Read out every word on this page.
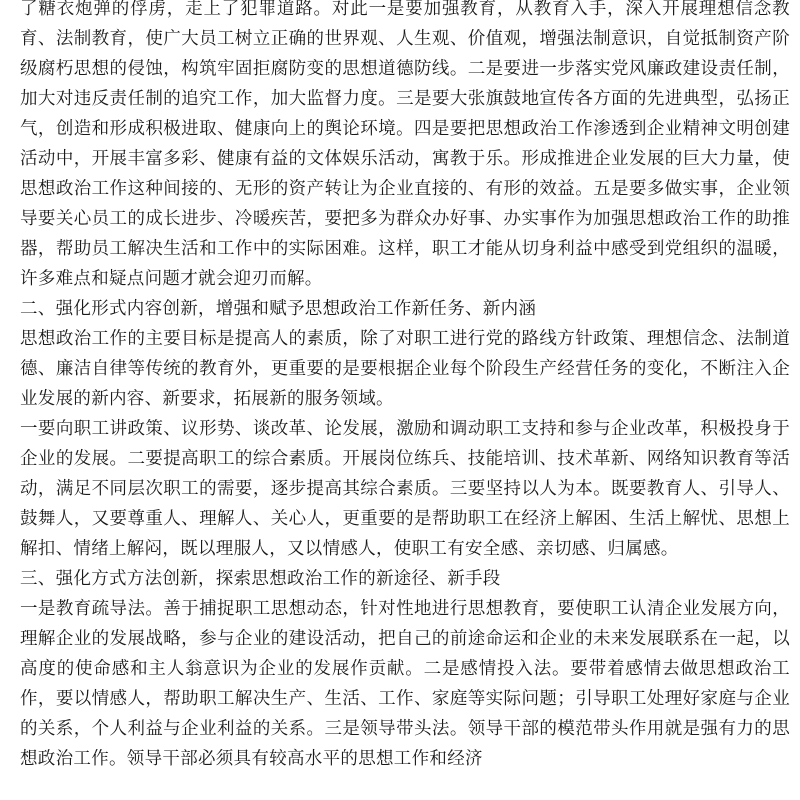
了糖衣炮弹的俘虏，走上了犯罪道路。对此一是要加强教育，从教育入手，深入开展理想信念教育、法制教育，使广大员工树立正确的世界观、人生观、价值观，增强法制意识，自觉抵制资产阶级腐朽思想的侵蚀，构筑牢固拒腐防变的思想道德防线。二是要进一步落实党风廉政建设责任制，加大对违反责任制的追究工作，加大监督力度。三是要大张旗鼓地宣传各方面的先进典型，弘扬正气，创造和形成积极进取、健康向上的舆论环境。四是要把思想政治工作渗透到企业精神文明创建活动中，开展丰富多彩、健康有益的文体娱乐活动，寓教于乐。形成推进企业发展的巨大力量，使思想政治工作这种间接的、无形的资产转让为企业直接的、有形的效益。五是要多做实事，企业领导要关心员工的成长进步、冷暖疾苦，要把多为群众办好事、办实事作为加强思想政治工作的助推器，帮助员工解决生活和工作中的实际困难。这样，职工才能从切身利益中感受到党组织的温暖，许多难点和疑点问题才就会迎刃而解。

二、强化形式内容创新，增强和赋予思想政治工作新任务、新内涵

思想政治工作的主要目标是提高人的素质，除了对职工进行党的路线方针政策、理想信念、法制道德、廉洁自律等传统的教育外，更重要的是要根据企业每个阶段生产经营任务的变化，不断注入企业发展的新内容、新要求，拓展新的服务领域。

一要向职工讲政策、议形势、谈改革、论发展，激励和调动职工支持和参与企业改革，积极投身于企业的发展。二要提高职工的综合素质。开展岗位练兵、技能培训、技术革新、网络知识教育等活动，满足不同层次职工的需要，逐步提高其综合素质。三要坚持以人为本。既要教育人、引导人、鼓舞人，又要尊重人、理解人、关心人，更重要的是帮助职工在经济上解困、生活上解忧、思想上解扣、情绪上解闷，既以理服人，又以情感人，使职工有安全感、亲切感、归属感。

三、强化方式方法创新，探索思想政治工作的新途径、新手段

一是教育疏导法。善于捕捉职工思想动态，针对性地进行思想教育，要使职工认清企业发展方向，理解企业的发展战略，参与企业的建设活动，把自己的前途命运和企业的未来发展联系在一起，以高度的使命感和主人翁意识为企业的发展作贡献。二是感情投入法。要带着感情去做思想政治工作，要以情感人，帮助职工解决生产、生活、工作、家庭等实际问题；引导职工处理好家庭与企业的关系，个人利益与企业利益的关系。三是领导带头法。领导干部的模范带头作用就是强有力的思想政治工作。领导干部必须具有较高水平的思想工作和经济
